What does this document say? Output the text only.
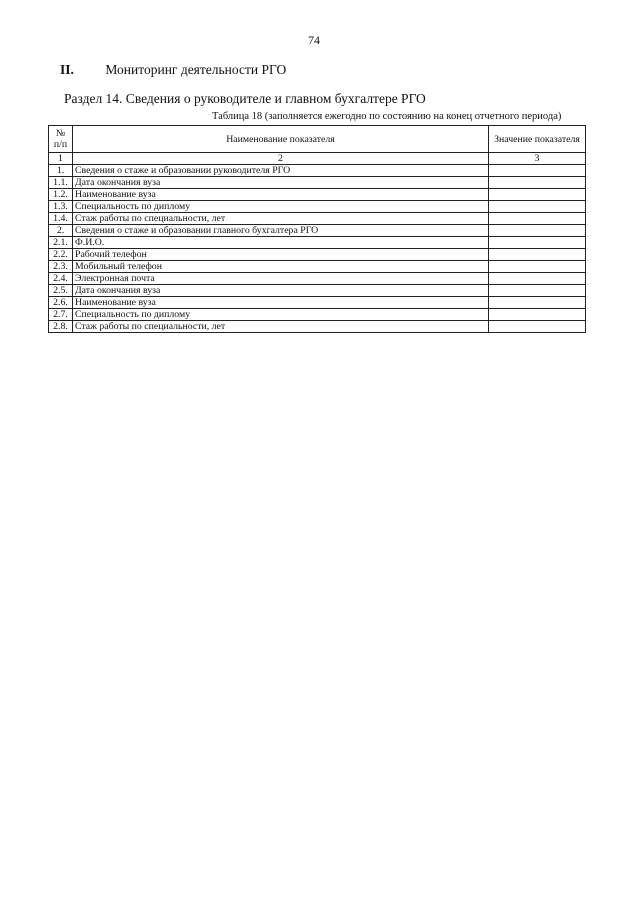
74
II. Мониторинг деятельности РГО
Раздел 14. Сведения о руководителе и главном бухгалтере РГО
Таблица 18 (заполняется ежегодно по состоянию на конец отчетного периода)
№ п/п	Наименование показателя	Значение показателя
1	2	3
1.	Сведения о стаже и образовании руководителя РГО	
1.1.	Дата окончания вуза	
1.2.	Наименование вуза	
1.3.	Специальность по диплому	
1.4.	Стаж работы по специальности, лет	
2.	Сведения о стаже и образовании главного бухгалтера РГО	
2.1.	Ф.И.О.	
2.2.	Рабочий телефон	
2.3.	Мобильный телефон	
2.4.	Электронная почта	
2.5.	Дата окончания вуза	
2.6.	Наименование вуза	
2.7.	Специальность по диплому	
2.8.	Стаж работы по специальности, лет	
